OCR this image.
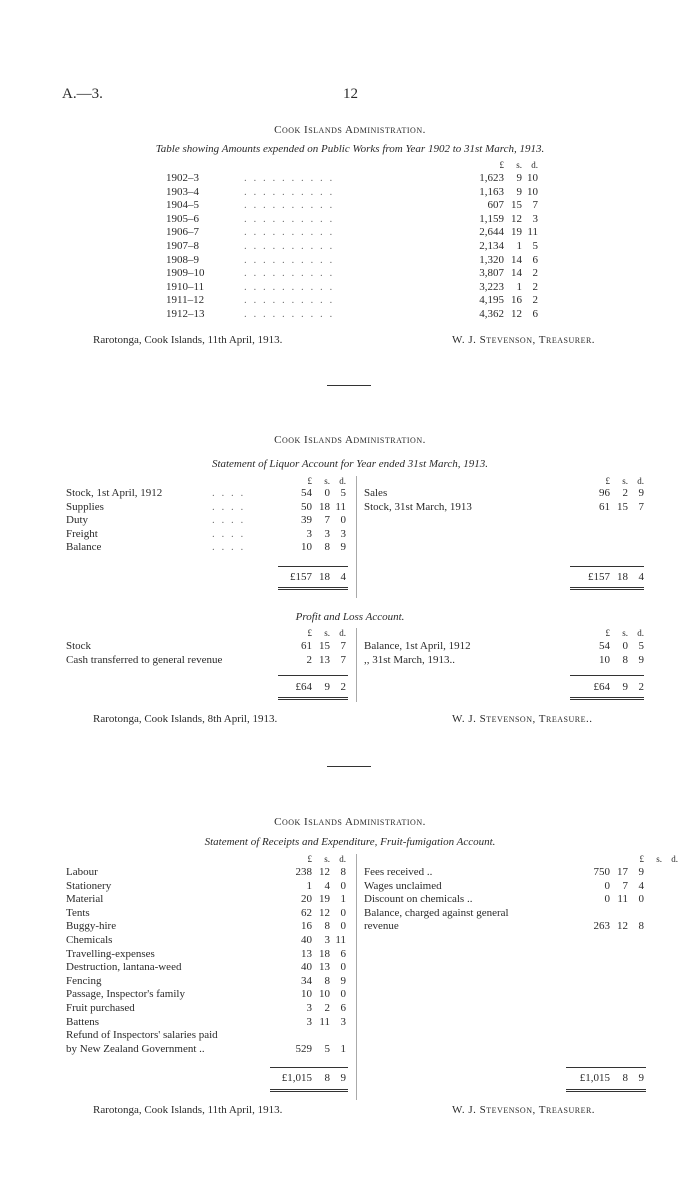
A.—3.	12
Cook Islands Administration.
Table showing Amounts expended on Public Works from Year 1902 to 31st March, 1913.
£ s. d.
1902–3	. . . . . . . . . .	1,623 9 10
1903–4	. . . . . . . . . .	1,163 9 10
1904–5	. . . . . . . . . .	607 15 7
1905–6	. . . . . . . . . .	1,159 12 3
1906–7	. . . . . . . . . .	2,644 19 11
1907–8	. . . . . . . . . .	2,134 1 5
1908–9	. . . . . . . . . .	1,320 14 6
1909–10	. . . . . . . . . .	3,807 14 2
1910–11	. . . . . . . . . .	3,223 1 2
1911–12	. . . . . . . . . .	4,195 16 2
1912–13	. . . . . . . . . .	4,362 12 6
Rarotonga, Cook Islands, 11th April, 1913.	W. J. Stevenson, Treasurer.
Cook Islands Administration.
Statement of Liquor Account for Year ended 31st March, 1913.
£ s. d.	£ s. d.
Stock, 1st April, 1912	. . . .	54 0 5
Supplies	. . . .	50 18 11
Duty	. . . .	39 7 0
Freight	. . . .	3 3 3
Balance	. . . .	10 8 9
Sales	96 2 9
Stock, 31st March, 1913	61 15 7
£157 18 4	£157 18 4
Profit and Loss Account.
£ s. d.	£ s. d.
Stock	61 15 7
Cash transferred to general revenue	2 13 7
Balance, 1st April, 1912	54 0 5
,, 31st March, 1913..	10 8 9
£64 9 2	£64 9 2
Rarotonga, Cook Islands, 8th April, 1913.	W. J. Stevenson, Treasure..
Cook Islands Administration.
Statement of Receipts and Expenditure, Fruit-fumigation Account.
£ s. d.	£ s. d.
Labour	238 12 8
Stationery	1 4 0
Material	20 19 1
Tents	62 12 0
Buggy-hire	16 8 0
Chemicals	40 3 11
Travelling-expenses	13 18 6
Destruction, lantana-weed	40 13 0
Fencing	34 8 9
Passage, Inspector's family	10 10 0
Fruit purchased	3 2 6
Battens	3 11 3
Refund of Inspectors' salaries paid
by New Zealand Government ..	529 5 1
Fees received ..	750 17 9
Wages unclaimed	0 7 4
Discount on chemicals ..	0 11 0
Balance, charged against general
revenue	263 12 8
£1,015 8 9	£1,015 8 9
Rarotonga, Cook Islands, 11th April, 1913.	W. J. Stevenson, Treasurer.
